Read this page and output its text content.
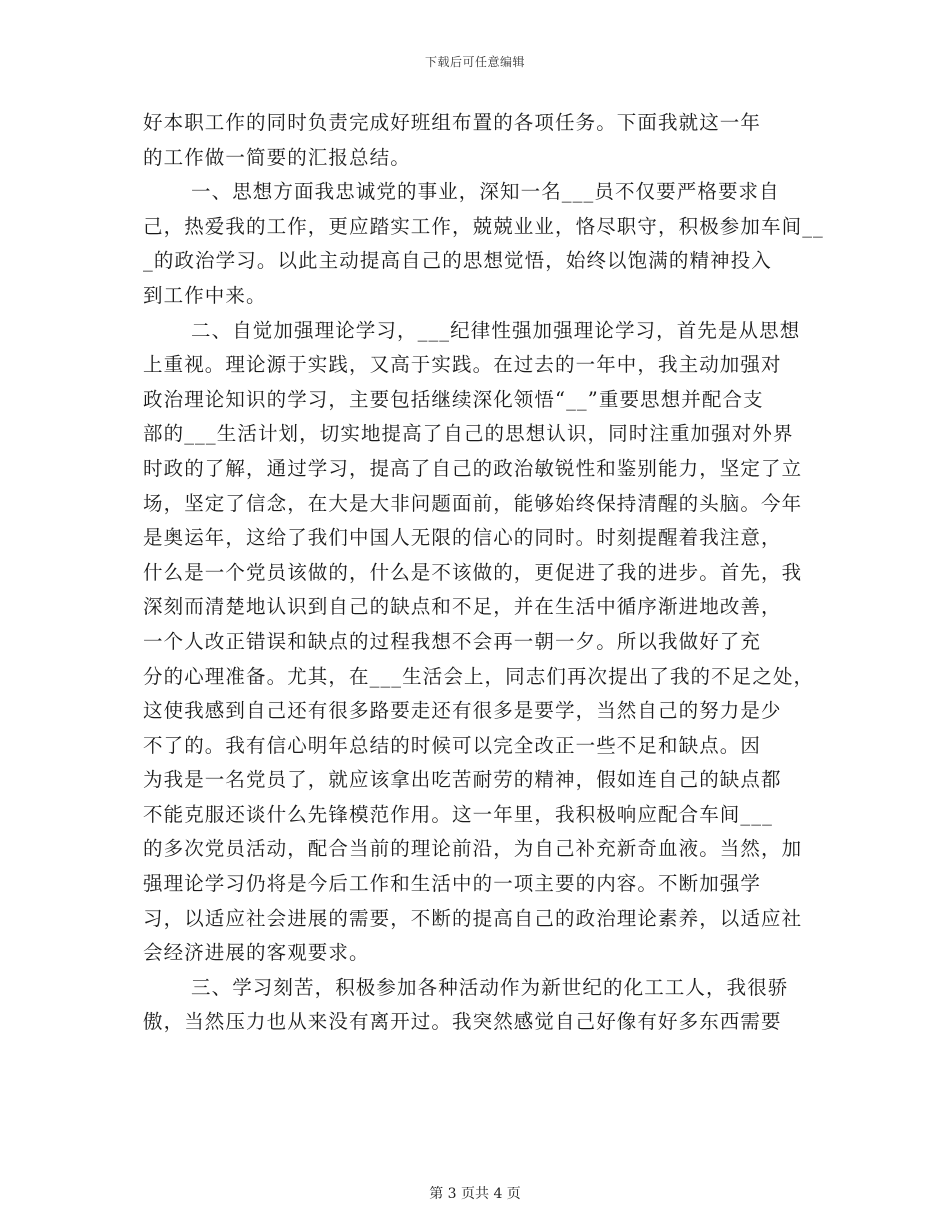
下载后可任意编辑
好本职工作的同时负责完成好班组布置的各项任务。下面我就这一年
的工作做一简要的汇报总结。
一、思想方面我忠诚党的事业，深知一名___员不仅要严格要求自
己，热爱我的工作，更应踏实工作，兢兢业业，恪尽职守，积极参加车间__
_的政治学习。以此主动提高自己的思想觉悟，始终以饱满的精神投入
到工作中来。
二、自觉加强理论学习，___纪律性强加强理论学习，首先是从思想
上重视。理论源于实践，又高于实践。在过去的一年中，我主动加强对
政治理论知识的学习，主要包括继续深化领悟“__”重要思想并配合支
部的___生活计划，切实地提高了自己的思想认识，同时注重加强对外界
时政的了解，通过学习，提高了自己的政治敏锐性和鉴别能力，坚定了立
场，坚定了信念，在大是大非问题面前，能够始终保持清醒的头脑。今年
是奥运年，这给了我们中国人无限的信心的同时。时刻提醒着我注意，
什么是一个党员该做的，什么是不该做的，更促进了我的进步。首先，我
深刻而清楚地认识到自己的缺点和不足，并在生活中循序渐进地改善，
一个人改正错误和缺点的过程我想不会再一朝一夕。所以我做好了充
分的心理准备。尤其，在___生活会上，同志们再次提出了我的不足之处，
这使我感到自己还有很多路要走还有很多是要学，当然自己的努力是少
不了的。我有信心明年总结的时候可以完全改正一些不足和缺点。因
为我是一名党员了，就应该拿出吃苦耐劳的精神，假如连自己的缺点都
不能克服还谈什么先锋模范作用。这一年里，我积极响应配合车间___
的多次党员活动，配合当前的理论前沿，为自己补充新奇血液。当然，加
强理论学习仍将是今后工作和生活中的一项主要的内容。不断加强学
习，以适应社会进展的需要，不断的提高自己的政治理论素养，以适应社
会经济进展的客观要求。
三、学习刻苦，积极参加各种活动作为新世纪的化工工人，我很骄
傲，当然压力也从来没有离开过。我突然感觉自己好像有好多东西需要
第 3 页共 4 页
